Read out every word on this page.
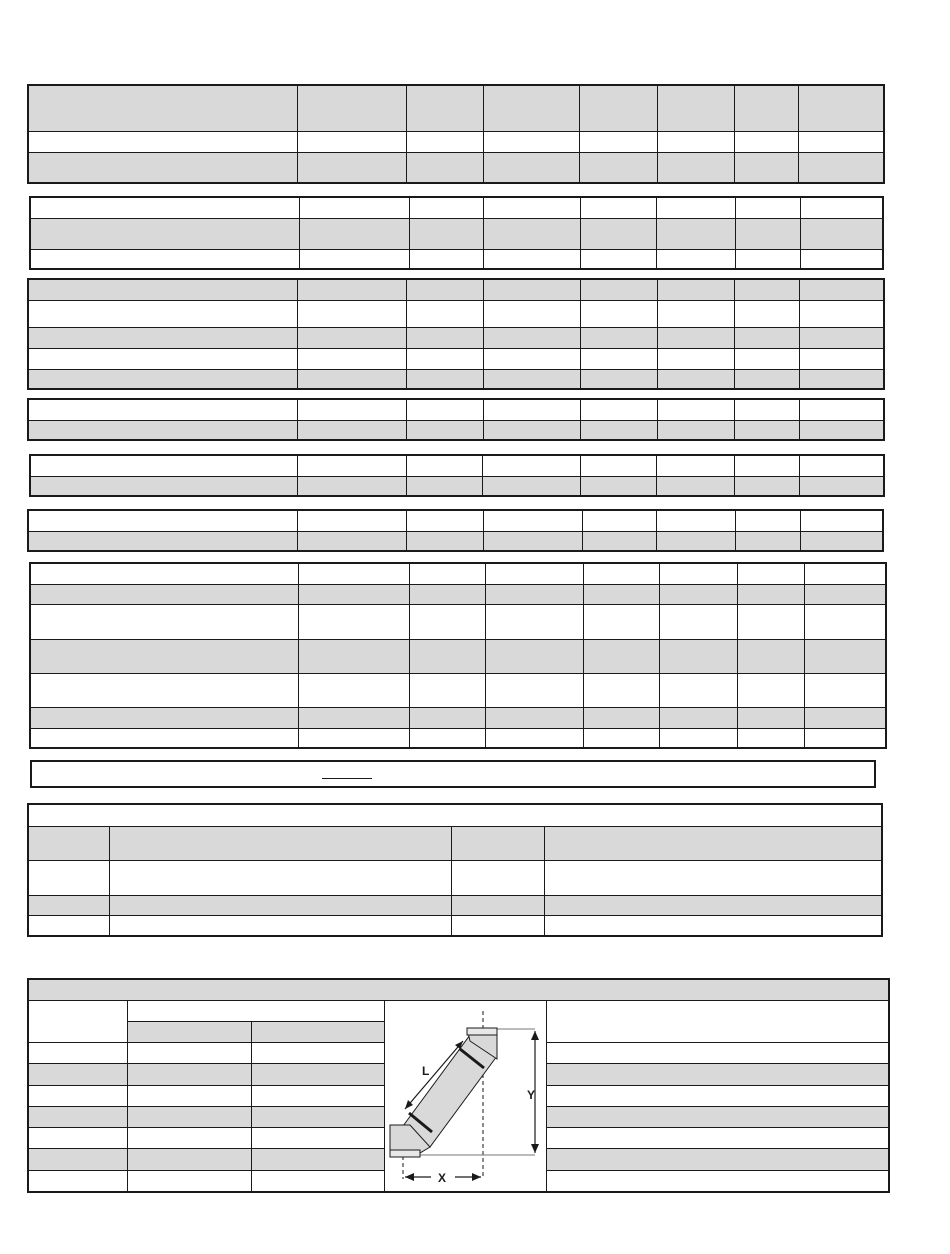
L
Y
X	
